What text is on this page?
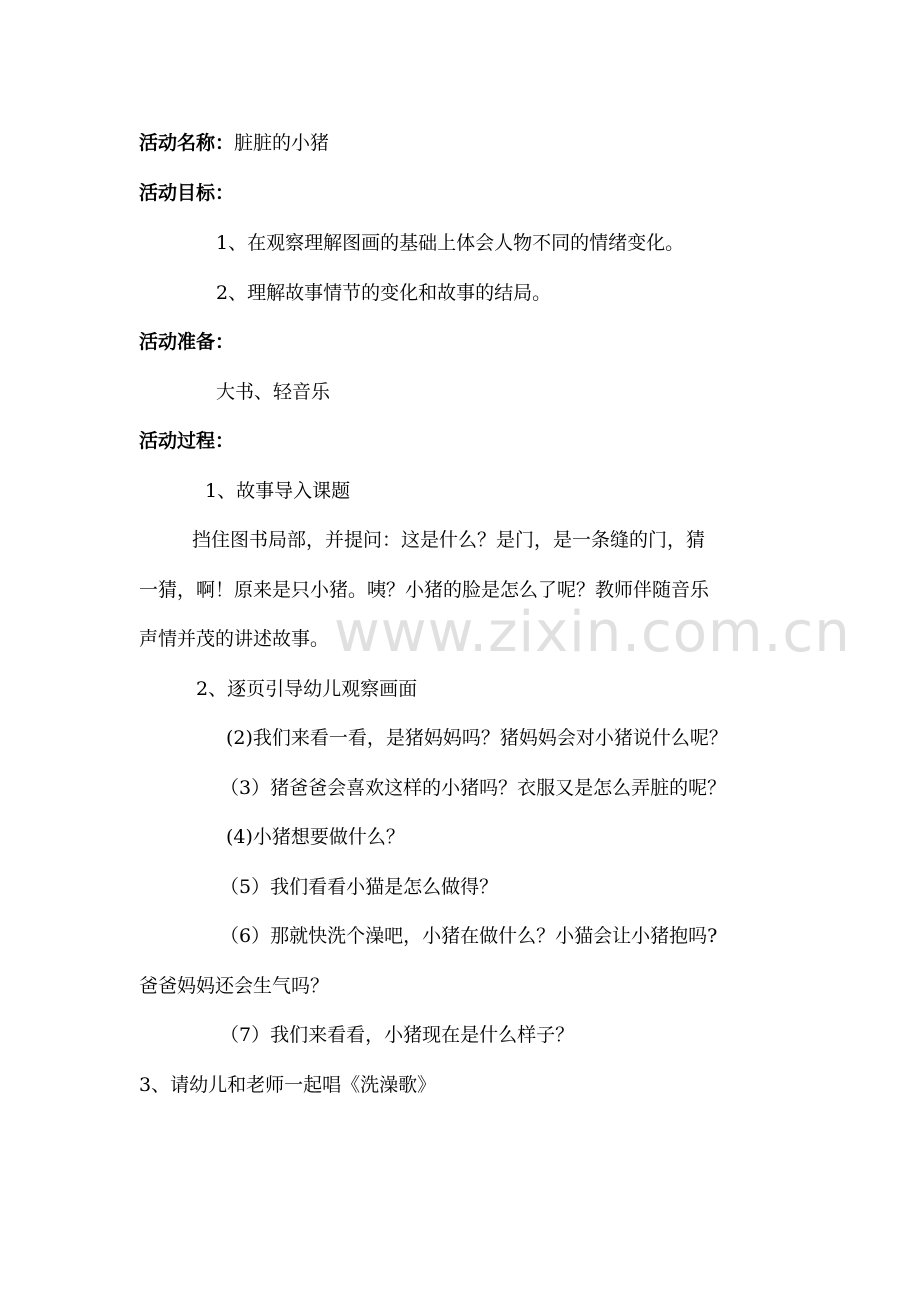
www.zixin.com.cn
活动名称：脏脏的小猪
活动目标：
1、在观察理解图画的基础上体会人物不同的情绪变化。
2、理解故事情节的变化和故事的结局。
活动准备：
大书、轻音乐
活动过程：
1、故事导入课题
挡住图书局部，并提问：这是什么？是门，是一条缝的门，猜
一猜，啊！原来是只小猪。咦？小猪的脸是怎么了呢？教师伴随音乐
声情并茂的讲述故事。
2、逐页引导幼儿观察画面
(2)我们来看一看，是猪妈妈吗？猪妈妈会对小猪说什么呢？
（3）猪爸爸会喜欢这样的小猪吗？衣服又是怎么弄脏的呢？
(4)小猪想要做什么？
（5）我们看看小猫是怎么做得？
（6）那就快洗个澡吧，小猪在做什么？小猫会让小猪抱吗?
爸爸妈妈还会生气吗？
（7）我们来看看，小猪现在是什么样子？
3、请幼儿和老师一起唱《洗澡歌》
